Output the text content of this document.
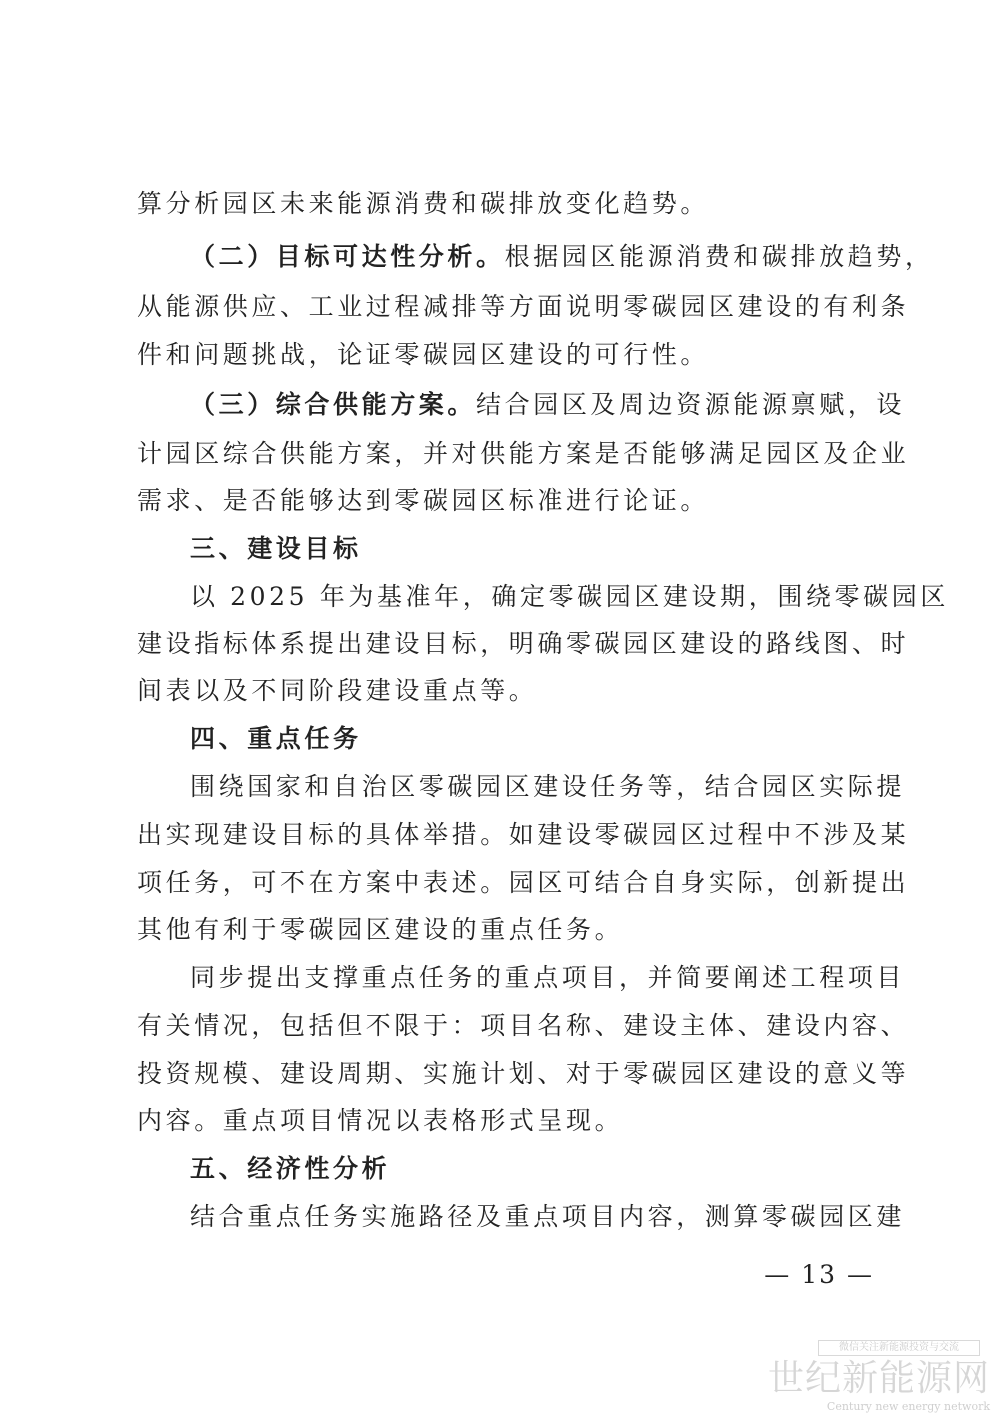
算分析园区未来能源消费和碳排放变化趋势。

（二）目标可达性分析。根据园区能源消费和碳排放趋势，

从能源供应、工业过程减排等方面说明零碳园区建设的有利条

件和问题挑战，论证零碳园区建设的可行性。

（三）综合供能方案。结合园区及周边资源能源禀赋，设

计园区综合供能方案，并对供能方案是否能够满足园区及企业

需求、是否能够达到零碳园区标准进行论证。

三、建设目标

以 2025 年为基准年，确定零碳园区建设期，围绕零碳园区

建设指标体系提出建设目标，明确零碳园区建设的路线图、时

间表以及不同阶段建设重点等。

四、重点任务

围绕国家和自治区零碳园区建设任务等，结合园区实际提

出实现建设目标的具体举措。如建设零碳园区过程中不涉及某

项任务，可不在方案中表述。园区可结合自身实际，创新提出

其他有利于零碳园区建设的重点任务。

同步提出支撑重点任务的重点项目，并简要阐述工程项目

有关情况，包括但不限于：项目名称、建设主体、建设内容、

投资规模、建设周期、实施计划、对于零碳园区建设的意义等

内容。重点项目情况以表格形式呈现。

五、经济性分析

结合重点任务实施路径及重点项目内容，测算零碳园区建

— 13 —
微信关注新能源投资与交流
世纪新能源网
Century new energy network
